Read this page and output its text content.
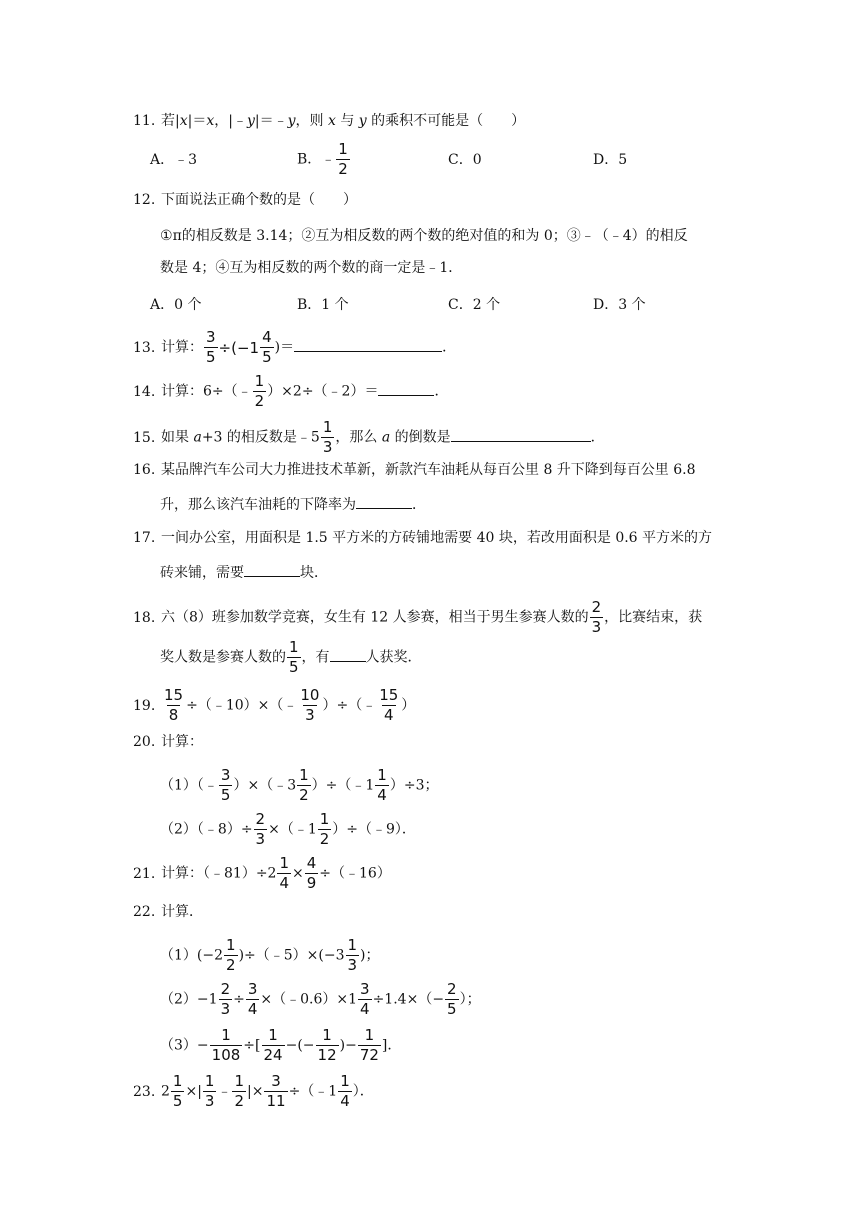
11. 若|x|＝x，|﹣y|＝﹣y，则 x 与 y 的乘积不可能是（　　）
A．﹣3	B．﹣ $\frac{1}{2}$	C．0	D．5
12. 下面说法正确个数的是（　　）
①π的相反数是 3.14；②互为相反数的两个数的绝对值的和为 0；③﹣（﹣4）的相反
数是 4；④互为相反数的两个数的商一定是﹣1．
A．0 个	B．1 个	C．2 个	D．3 个
13. 计算： $\frac{3}{5} \div(-1 \frac{4}{5}$ )＝	．
14. 计算：6÷（﹣ $\frac{1}{2}$ ）×2÷（﹣2）＝	．
15. 如果 a+3 的相反数是﹣5 $\frac{1}{3}$ ，那么 a 的倒数是	．
16. 某品牌汽车公司大力推进技术革新，新款汽车油耗从每百公里 8 升下降到每百公里 6.8
升，那么该汽车油耗的下降率为	．
17. 一间办公室，用面积是 1.5 平方米的方砖铺地需要 40 块，若改用面积是 0.6 平方米的方
砖来铺，需要	块．
18. 六（8）班参加数学竞赛，女生有 12 人参赛，相当于男生参赛人数的 $\frac{2}{3}$ ，比赛结束，获
奖人数是参赛人数的 $\frac{1}{5}$ ，有	人获奖．
19. $\frac{15}{8}$ ÷（﹣10）×（﹣ $\frac{10}{3}$ ）÷（﹣ $\frac{15}{4}$ ）
20. 计算：
（1）（﹣ $\frac{3}{5}$ ）×（﹣3 $\frac{1}{2}$ ）÷（﹣1 $\frac{1}{4} )\div 3$；
（2）（﹣8）÷ $\frac{2}{3}$ ×（﹣1 $\frac{1}{2}$ ）÷（﹣9）．
21. 计算：（﹣81）÷2 $\frac{1}{4} \times \frac{4}{9}$ ÷（﹣16）
22. 计算．
$(1)(-2 \frac{1}{2}$ )÷（﹣5）×(−3 $\frac{1}{3}$ )；
$(2)-1 \frac{2}{3} \div \frac{3}{4}$ ×（﹣0.6）×1 $\frac{3}{4} \div 1.4\times(- \frac{2}{5}$ ）；
$(3)- \frac{1}{108}$ ÷[ $\frac{1}{24}$ −(− $\frac{1}{12}$ )− $\frac{1}{72}$ ]．
23. $2 \frac{1}{5}$ ×| $\frac{1}{3}$ ﹣ $\frac{1}{2}$ |× $\frac{3}{11}$ ÷（﹣1 $\frac{1}{4}$ ）．
